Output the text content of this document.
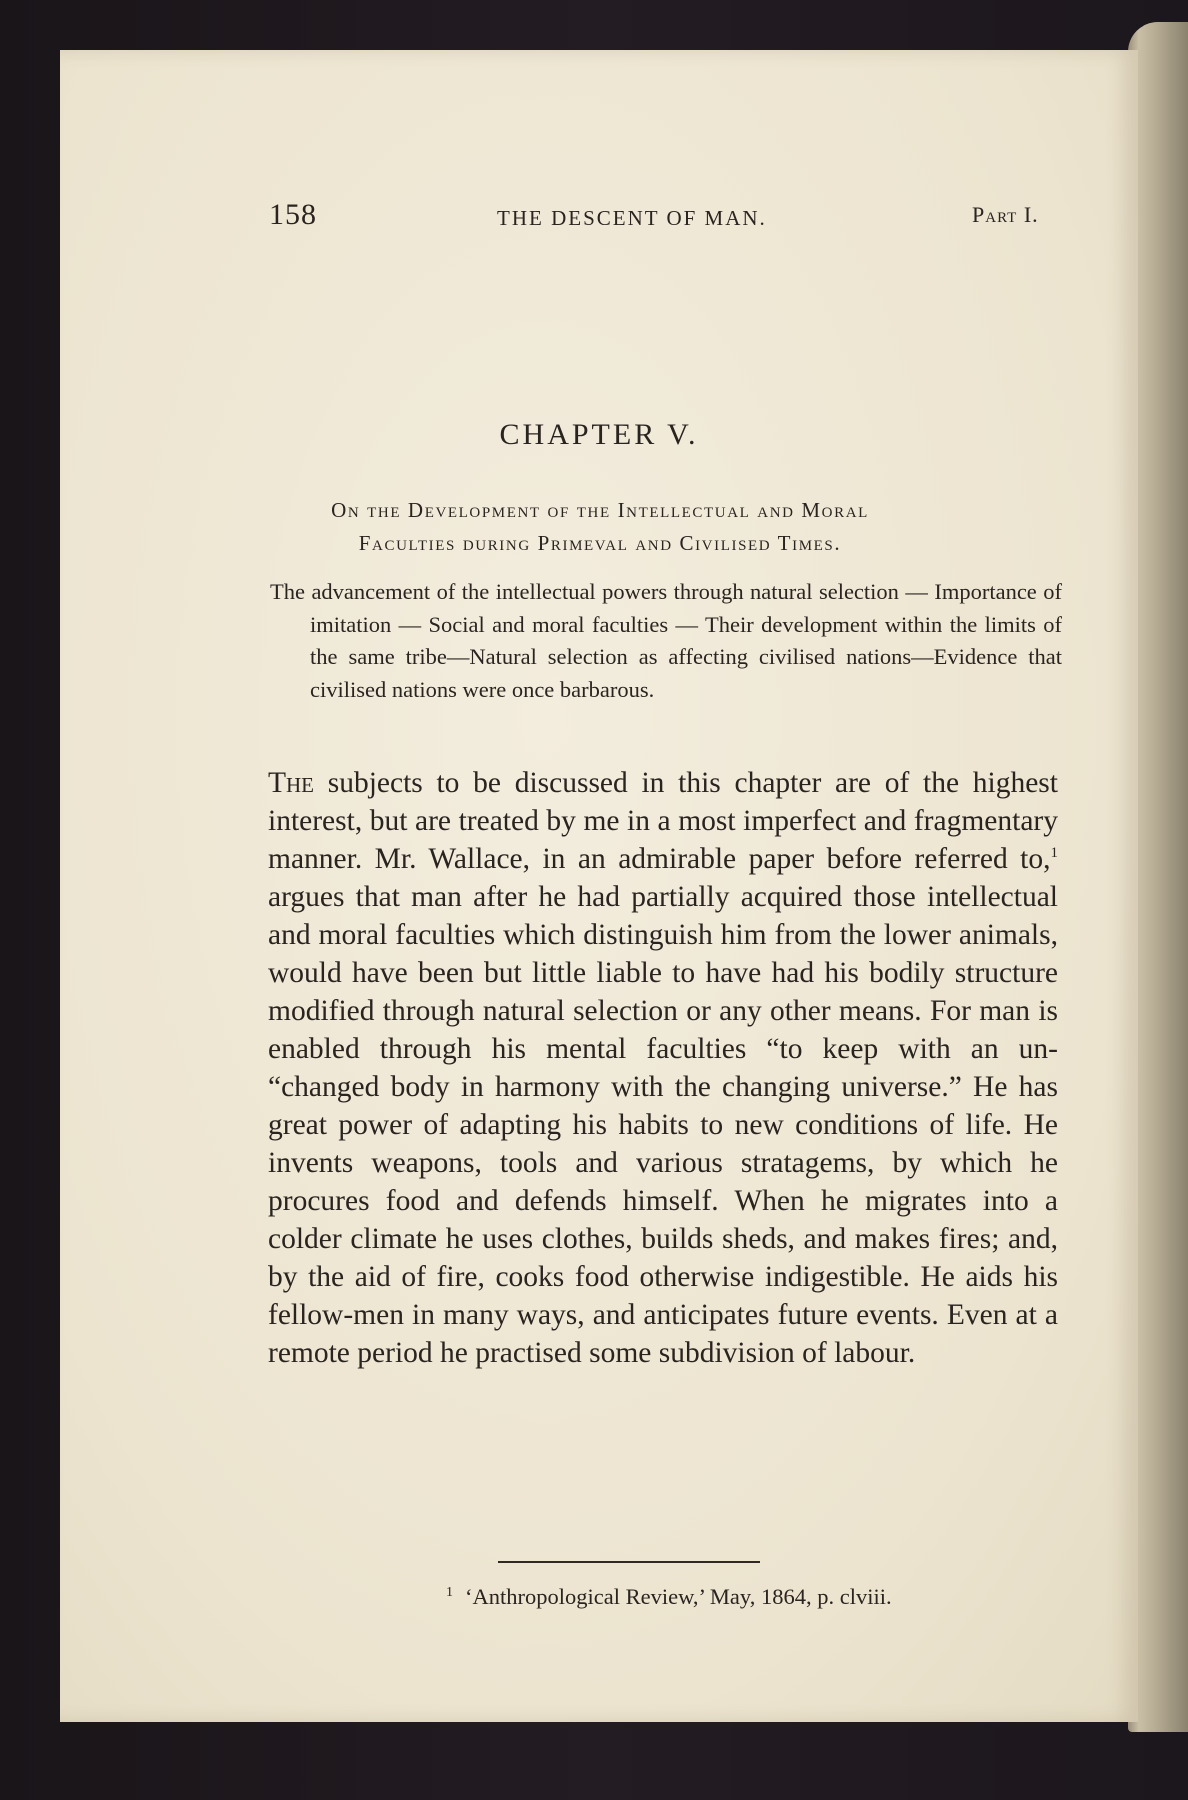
158	THE DESCENT OF MAN.	Part I.
CHAPTER V.
On the Development of the Intellectual and Moral
Faculties during Primeval and Civilised Times.
The advancement of the intellectual powers through natural selection — Importance of imitation — Social and moral faculties — Their development within the limits of the same tribe—Natural selection as affecting civilised nations—Evidence that civilised nations were once barbarous.

The subjects to be discussed in this chapter are of the highest interest, but are treated by me in a most imperfect and fragmentary manner. Mr. Wallace, in an admirable paper before referred to,$^1$ argues that man after he had partially acquired those intellectual and moral faculties which distinguish him from the lower animals, would have been but little liable to have had his bodily structure modified through natural selection or any other means. For man is enabled through his mental faculties “to keep with an un- “changed body in harmony with the changing universe.” He has great power of adapting his habits to new conditions of life. He invents weapons, tools and various stratagems, by which he procures food and defends himself. When he migrates into a colder climate he uses clothes, builds sheds, and makes fires; and, by the aid of fire, cooks food otherwise indigestible. He aids his fellow-men in many ways, and anticipates future events. Even at a remote period he practised some subdivision of labour.

$^1$ ‘Anthropological Review,’ May, 1864, p. clviii.
